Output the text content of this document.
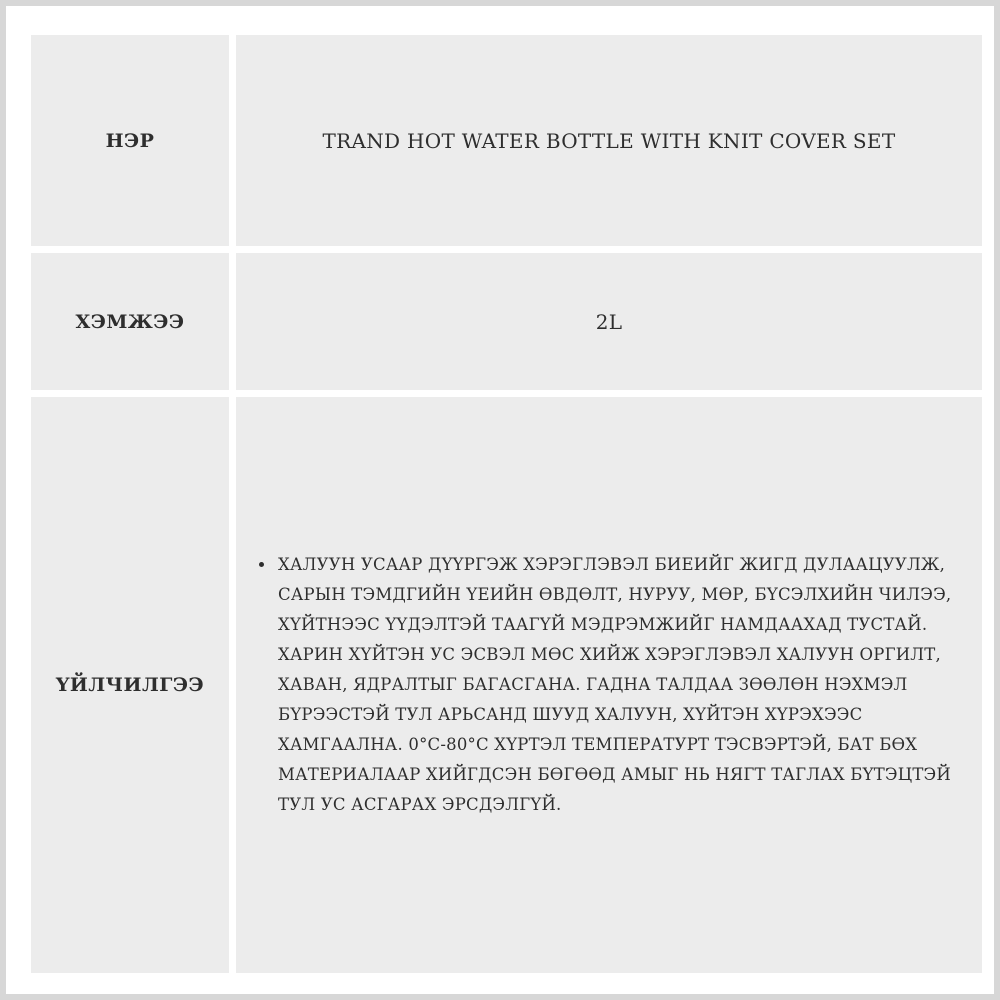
НЭР	TRAND HOT WATER BOTTLE WITH KNIT COVER SET
ХЭМЖЭЭ	2L
ҮЙЛЧИЛГЭЭ
• ХАЛУУН УСААР ДҮҮРГЭЖ ХЭРЭГЛЭВЭЛ БИЕИЙГ ЖИГД ДУЛААЦУУЛЖ, САРЫН ТЭМДГИЙН ҮЕИЙН ӨВДӨЛТ, НУРУУ, МӨР, БҮСЭЛХИЙН ЧИЛЭЭ, ХҮЙТНЭЭС ҮҮДЭЛТЭЙ ТААГҮЙ МЭДРЭМЖИЙГ НАМДААХАД ТУСТАЙ. ХАРИН ХҮЙТЭН УС ЭСВЭЛ МӨС ХИЙЖ ХЭРЭГЛЭВЭЛ ХАЛУУН ОРГИЛТ, ХАВАН, ЯДРАЛТЫГ БАГАСГАНА. ГАДНА ТАЛДАА ЗӨӨЛӨН НЭХМЭЛ БҮРЭЭСТЭЙ ТУЛ АРЬСАНД ШУУД ХАЛУУН, ХҮЙТЭН ХҮРЭХЭЭС ХАМГААЛНА. 0°C-80°C ХҮРТЭЛ ТЕМПЕРАТУРТ ТЭСВЭРТЭЙ, БАТ БӨХ МАТЕРИАЛААР ХИЙГДСЭН БӨГӨӨД АМЫГ НЬ НЯГТ ТАГЛАХ БҮТЭЦТЭЙ ТУЛ УС АСГАРАХ ЭРСДЭЛГҮЙ.
